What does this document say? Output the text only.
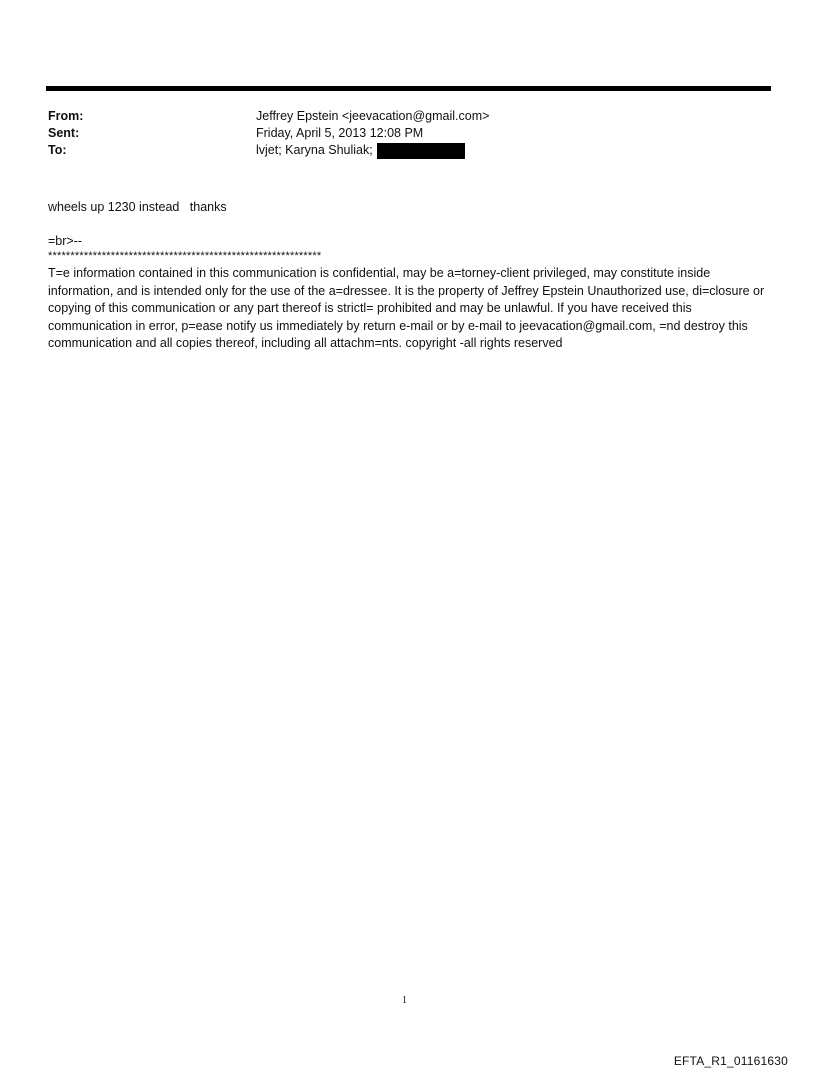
From:	Jeffrey Epstein <jeevacation@gmail.com>
Sent:	Friday, April 5, 2013 12:08 PM
To:	lvjet; Karyna Shuliak;

wheels up 1230 instead   thanks

=br>--

*************************************************************

T=e information contained in this communication is confidential, may be a=torney-client privileged, may constitute inside information, and is intended only for the use of the a=dressee. It is the property of Jeffrey Epstein Unauthorized use, di=closure or copying of this communication or any part thereof is strictl= prohibited and may be unlawful. If you have received this communication in error, p=ease notify us immediately by return e-mail or by e-mail to jeevacation@gmail.com, =nd destroy this communication and all copies thereof, including all attachm=nts. copyright -all rights reserved

1
EFTA_R1_01161630
